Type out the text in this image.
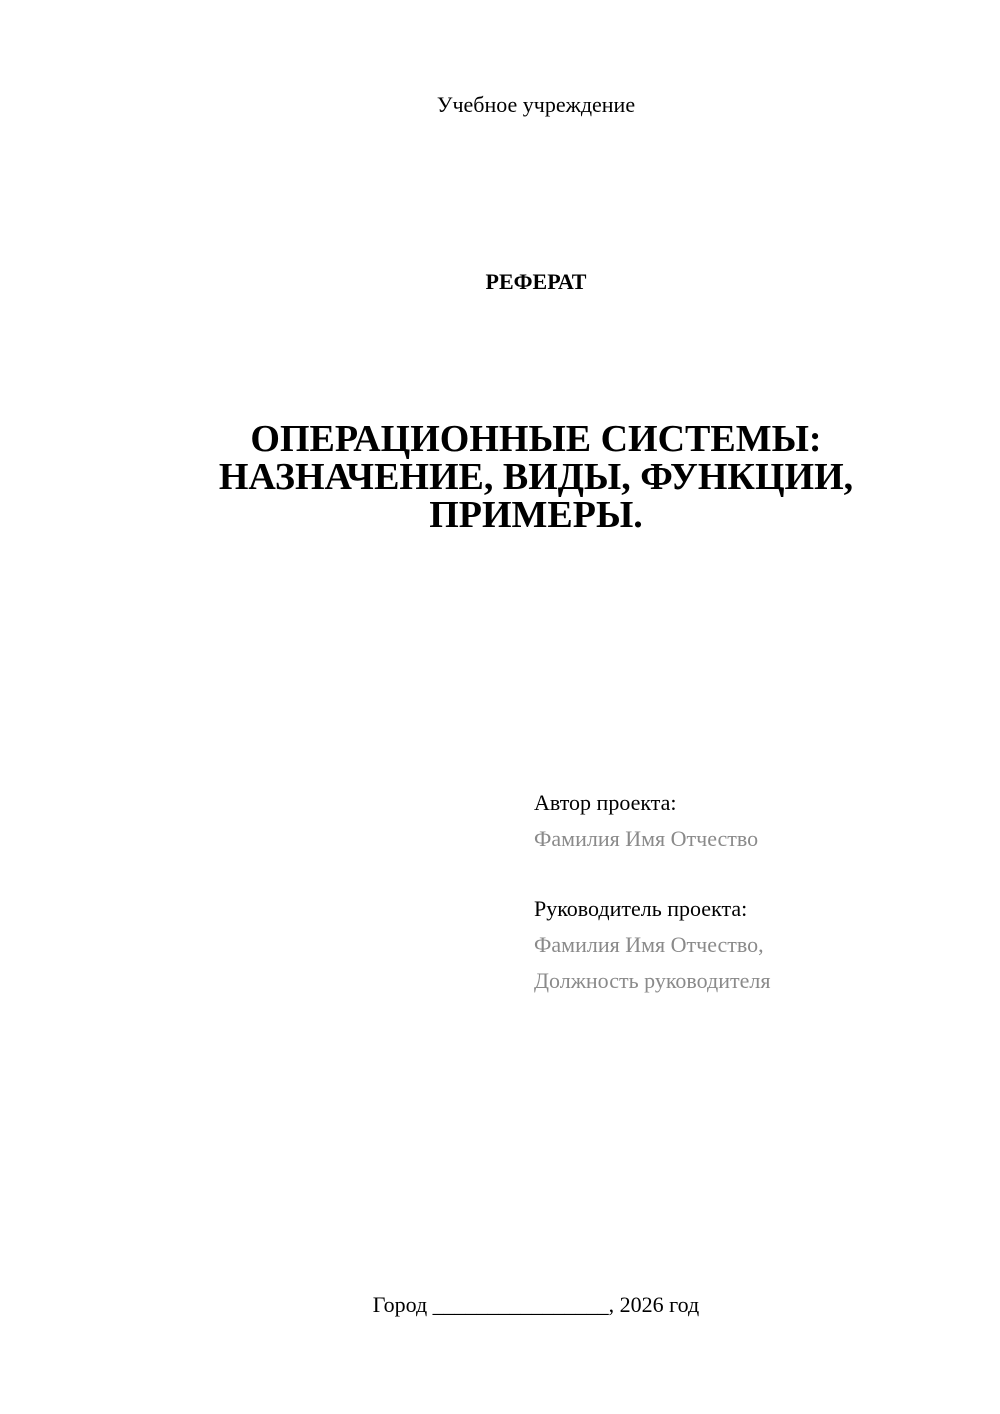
Учебное учреждение
РЕФЕРАТ
ОПЕРАЦИОННЫЕ СИСТЕМЫ:
НАЗНАЧЕНИЕ, ВИДЫ, ФУНКЦИИ,
ПРИМЕРЫ.
Автор проекта:
Фамилия Имя Отчество
Руководитель проекта:
Фамилия Имя Отчество,
Должность руководителя
Город ________________, 2026 год
